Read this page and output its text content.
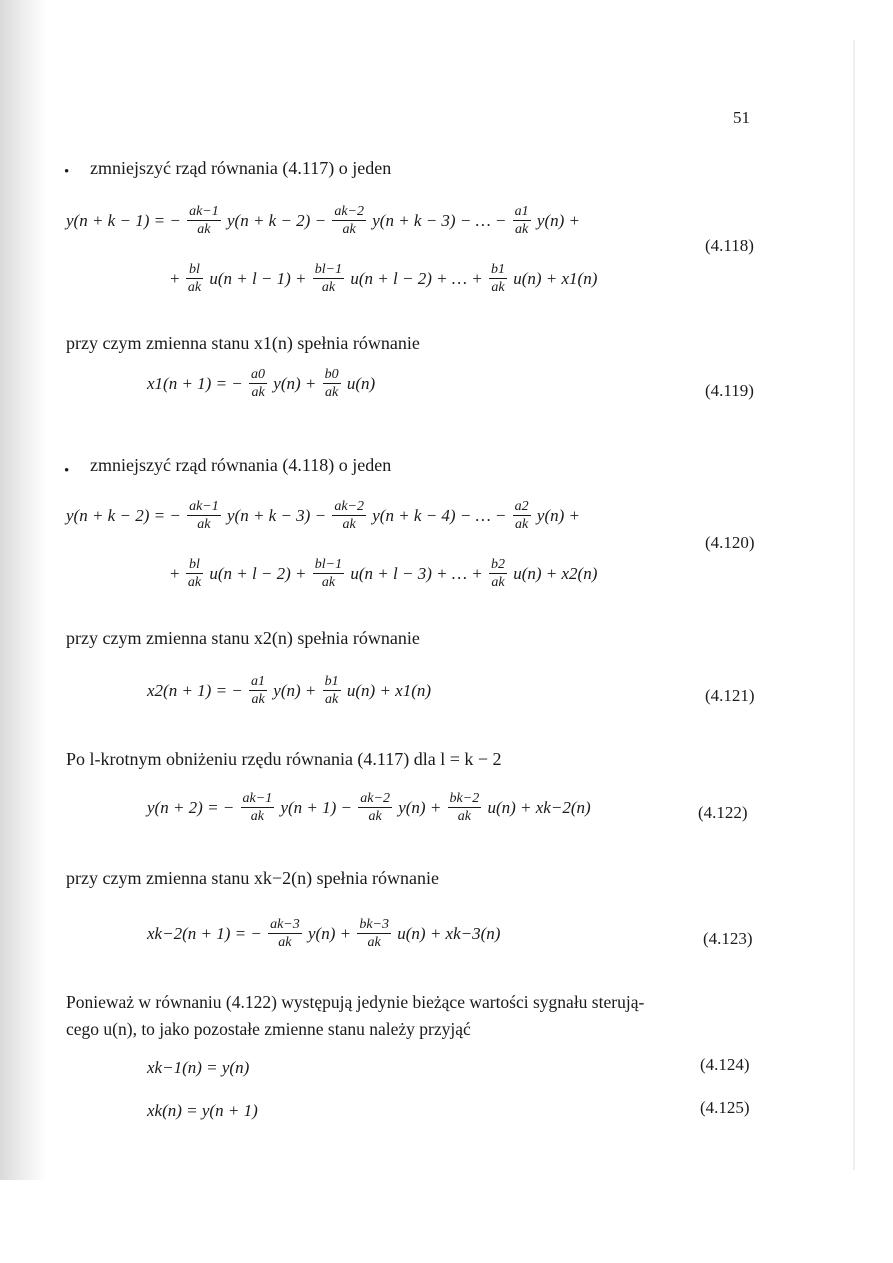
51
• zmniejszyć rząd równania (4.117) o jeden
y(n + k − 1) = − $\frac{ak-1}{ak} y(n + k - 2) - \frac{ak-2}{ak} y(n + k - 3)$ − … − $\frac{a1}{ak} y(n)$ +
(4.118)
+ $\frac{bl}{ak} u(n + l - 1) + \frac{bl-1}{ak} u(n + l - 2)$ + … + $\frac{b1}{ak} u(n) + x1(n)$
przy czym zmienna stanu x1(n) spełnia równanie
x1(n + 1) = − $\frac{a0}{ak} y(n) + \frac{b0}{ak} u(n)$	(4.119)
• zmniejszyć rząd równania (4.118) o jeden
y(n + k − 2) = − $\frac{ak-1}{ak} y(n + k - 3) - \frac{ak-2}{ak} y(n + k - 4)$ − … − $\frac{a2}{ak} y(n)$ +
(4.120)
+ $\frac{bl}{ak} u(n + l - 2) + \frac{bl-1}{ak} u(n + l - 3)$ + … + $\frac{b2}{ak} u(n) + x2(n)$
przy czym zmienna stanu x2(n) spełnia równanie
x2(n + 1) = − $\frac{a1}{ak} y(n) + \frac{b1}{ak} u(n) + x1(n)$	(4.121)
Po l-krotnym obniżeniu rzędu równania (4.117) dla l = k − 2
y(n + 2) = − $\frac{ak-1}{ak} y(n + 1) - \frac{ak-2}{ak} y(n) + \frac{bk-2}{ak} u(n) + xk-2(n)$	(4.122)
przy czym zmienna stanu xk−2(n) spełnia równanie
xk−2(n + 1) = − $\frac{ak-3}{ak} y(n) + \frac{bk-3}{ak} u(n) + xk-3(n)$	(4.123)
Ponieważ w równaniu (4.122) występują jedynie bieżące wartości sygnału sterują-
cego u(n), to jako pozostałe zmienne stanu należy przyjąć
xk−1(n) = y(n)	(4.124)
xk(n) = y(n + 1)	(4.125)
